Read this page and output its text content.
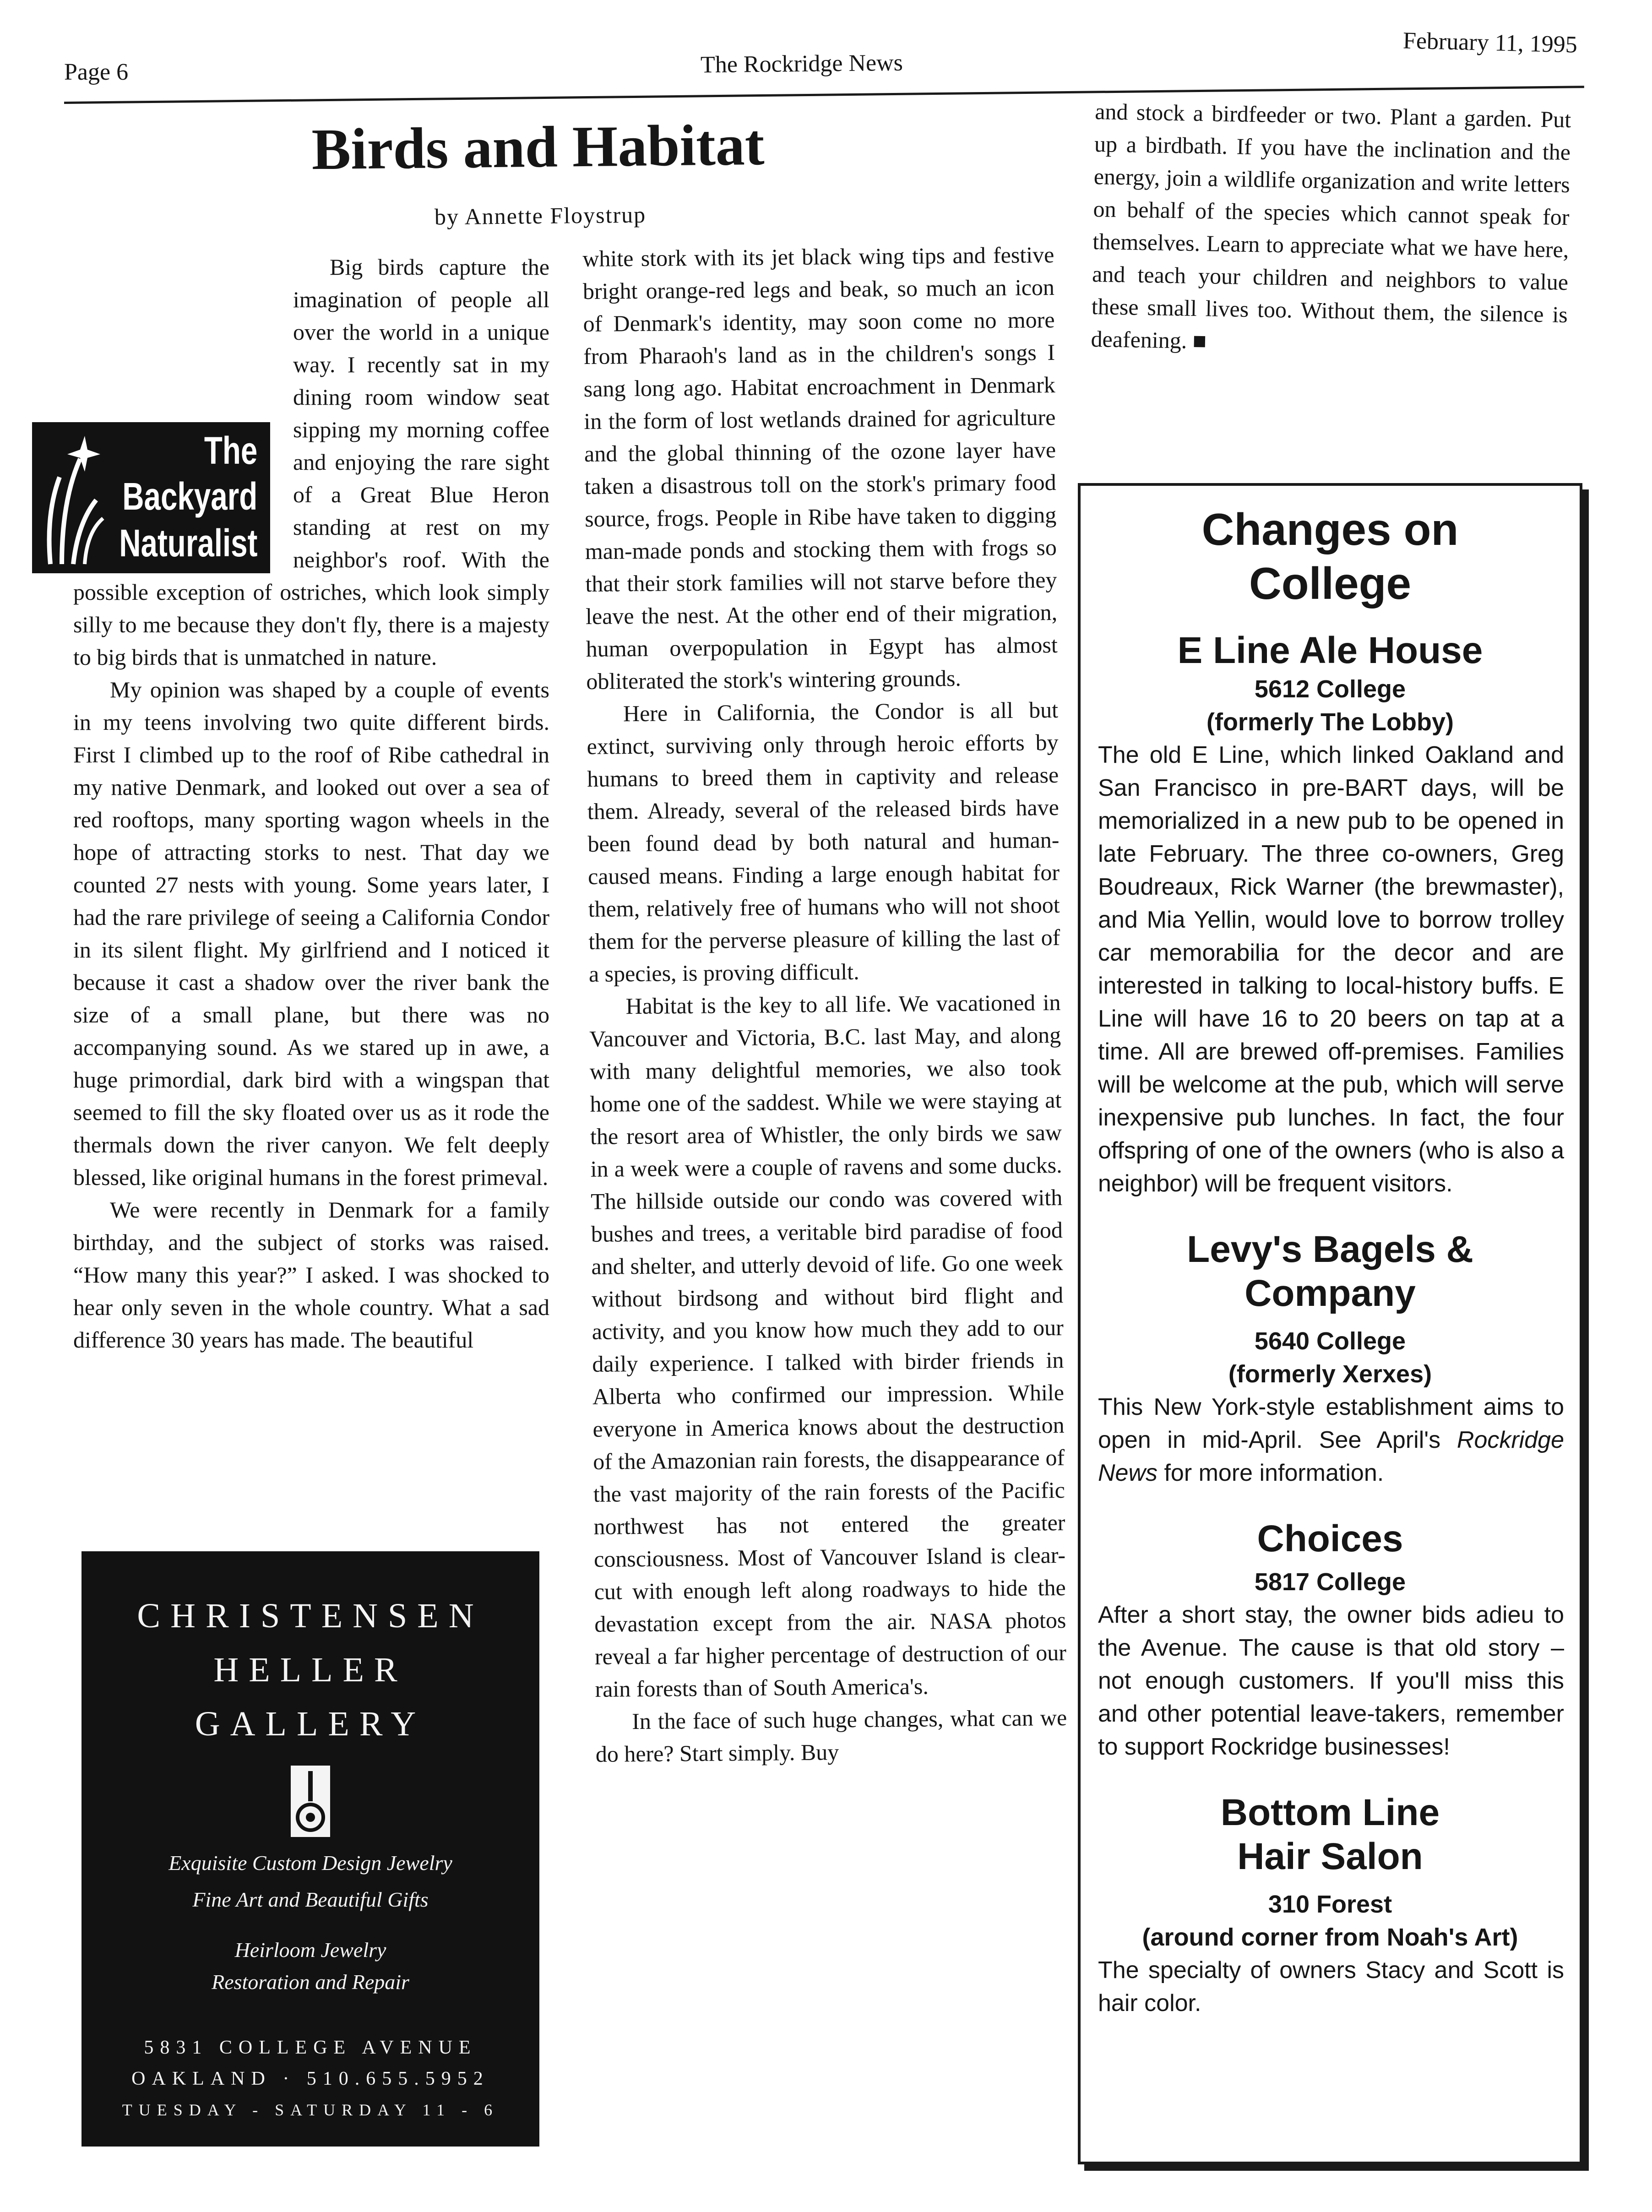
Page 6	The Rockridge News
February 11, 1995
Birds and Habitat
by Annette Floystrup
The
Backyard
Naturalist

Big birds capture the imagination of people all over the world in a unique way. I recently sat in my dining room window seat sipping my morning coffee and enjoying the rare sight of a Great Blue Heron standing at rest on my neighbor's roof. With the possible exception of ostriches, which look simply silly to me because they don't fly, there is a majesty to big birds that is unmatched in nature.

My opinion was shaped by a couple of events in my teens involving two quite different birds. First I climbed up to the roof of Ribe cathedral in my native Denmark, and looked out over a sea of red rooftops, many sporting wagon wheels in the hope of attracting storks to nest. That day we counted 27 nests with young. Some years later, I had the rare privilege of seeing a California Condor in its silent flight. My girlfriend and I noticed it because it cast a shadow over the river bank the size of a small plane, but there was no accompanying sound. As we stared up in awe, a huge primordial, dark bird with a wingspan that seemed to fill the sky floated over us as it rode the thermals down the river canyon. We felt deeply blessed, like original humans in the forest primeval.

We were recently in Denmark for a family birthday, and the subject of storks was raised. “How many this year?” I asked. I was shocked to hear only seven in the whole country. What a sad difference 30 years has made. The beautiful

CHRISTENSEN
HELLER
GALLERY
Exquisite Custom Design Jewelry
Fine Art and Beautiful Gifts
Heirloom Jewelry
Restoration and Repair
5831 COLLEGE AVENUE
OAKLAND · 510.655.5952
TUESDAY - SATURDAY 11 - 6

white stork with its jet black wing tips and festive bright orange-red legs and beak, so much an icon of Denmark's identity, may soon come no more from Pharaoh's land as in the children's songs I sang long ago. Habitat encroachment in Denmark in the form of lost wetlands drained for agriculture and the global thinning of the ozone layer have taken a disastrous toll on the stork's primary food source, frogs. People in Ribe have taken to digging man-made ponds and stocking them with frogs so that their stork families will not starve before they leave the nest. At the other end of their migration, human overpopulation in Egypt has almost obliterated the stork's wintering grounds.

Here in California, the Condor is all but extinct, surviving only through heroic efforts by humans to breed them in captivity and release them. Already, several of the released birds have been found dead by both natural and human-caused means. Finding a large enough habitat for them, relatively free of humans who will not shoot them for the perverse pleasure of killing the last of a species, is proving difficult.

Habitat is the key to all life. We vacationed in Vancouver and Victoria, B.C. last May, and along with many delightful memories, we also took home one of the saddest. While we were staying at the resort area of Whistler, the only birds we saw in a week were a couple of ravens and some ducks. The hillside outside our condo was covered with bushes and trees, a veritable bird paradise of food and shelter, and utterly devoid of life. Go one week without birdsong and without bird flight and activity, and you know how much they add to our daily experience. I talked with birder friends in Alberta who confirmed our impression. While everyone in America knows about the destruction of the Amazonian rain forests, the disappearance of the vast majority of the rain forests of the Pacific northwest has not entered the greater consciousness. Most of Vancouver Island is clear-cut with enough left along roadways to hide the devastation except from the air. NASA photos reveal a far higher percentage of destruction of our rain forests than of South America's.

In the face of such huge changes, what can we do here? Start simply. Buy

and stock a birdfeeder or two. Plant a garden. Put up a birdbath. If you have the inclination and the energy, join a wildlife organization and write letters on behalf of the species which cannot speak for themselves. Learn to appreciate what we have here, and teach your children and neighbors to value these small lives too. Without them, the silence is deafening. ■

Changes on
College
E Line Ale House
5612 College
(formerly The Lobby)
The old E Line, which linked Oakland and San Francisco in pre-BART days, will be memorialized in a new pub to be opened in late February. The three co-owners, Greg Boudreaux, Rick Warner (the brewmaster), and Mia Yellin, would love to borrow trolley car memorabilia for the decor and are interested in talking to local-history buffs. E Line will have 16 to 20 beers on tap at a time. All are brewed off-premises. Families will be welcome at the pub, which will serve inexpensive pub lunches. In fact, the four offspring of one of the owners (who is also a neighbor) will be frequent visitors.
Levy's Bagels &
Company
5640 College
(formerly Xerxes)
This New York-style establishment aims to open in mid-April. See April's Rockridge News for more information.
Choices
5817 College
After a short stay, the owner bids adieu to the Avenue. The cause is that old story – not enough customers. If you'll miss this and other potential leave-takers, remember to support Rockridge businesses!
Bottom Line
Hair Salon
310 Forest
(around corner from Noah's Art)
The specialty of owners Stacy and Scott is hair color.
